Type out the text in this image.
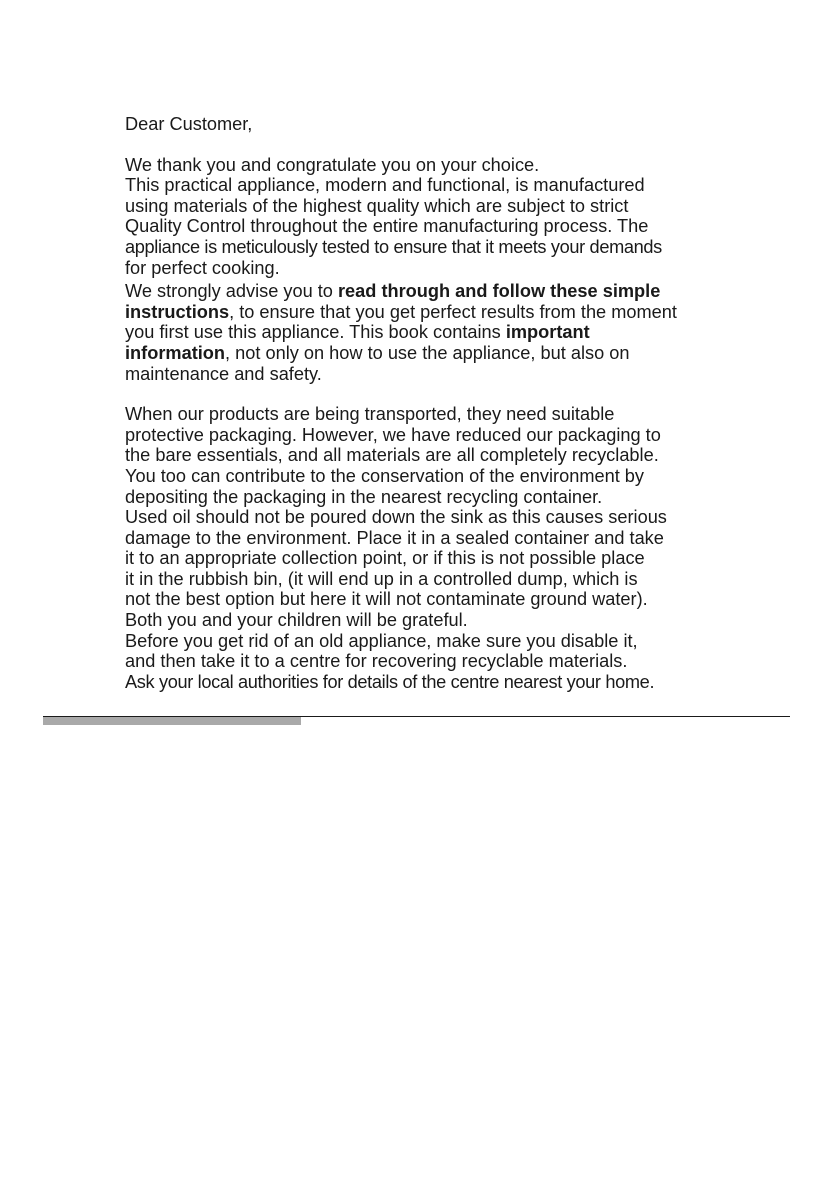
Dear Customer,
We thank you and congratulate you on your choice.
This practical appliance, modern and functional, is manufactured
using materials of the highest quality which are subject to strict
Quality Control throughout the entire manufacturing process. The
appliance is meticulously tested to ensure that it meets your demands
for perfect cooking.
We strongly advise you to read through and follow these simple
instructions, to ensure that you get perfect results from the moment
you first use this appliance. This book contains important
information, not only on how to use the appliance, but also on
maintenance and safety.
When our products are being transported, they need suitable
protective packaging. However, we have reduced our packaging to
the bare essentials, and all materials are all completely recyclable.
You too can contribute to the conservation of the environment by
depositing the packaging in the nearest recycling container.
Used oil should not be poured down the sink as this causes serious
damage to the environment. Place it in a sealed container and take
it to an appropriate collection point, or if this is not possible place
it in the rubbish bin, (it will end up in a controlled dump, which is
not the best option but here it will not contaminate ground water).
Both you and your children will be grateful.
Before you get rid of an old appliance, make sure you disable it,
and then take it to a centre for recovering recyclable materials.
Ask your local authorities for details of the centre nearest your home.
